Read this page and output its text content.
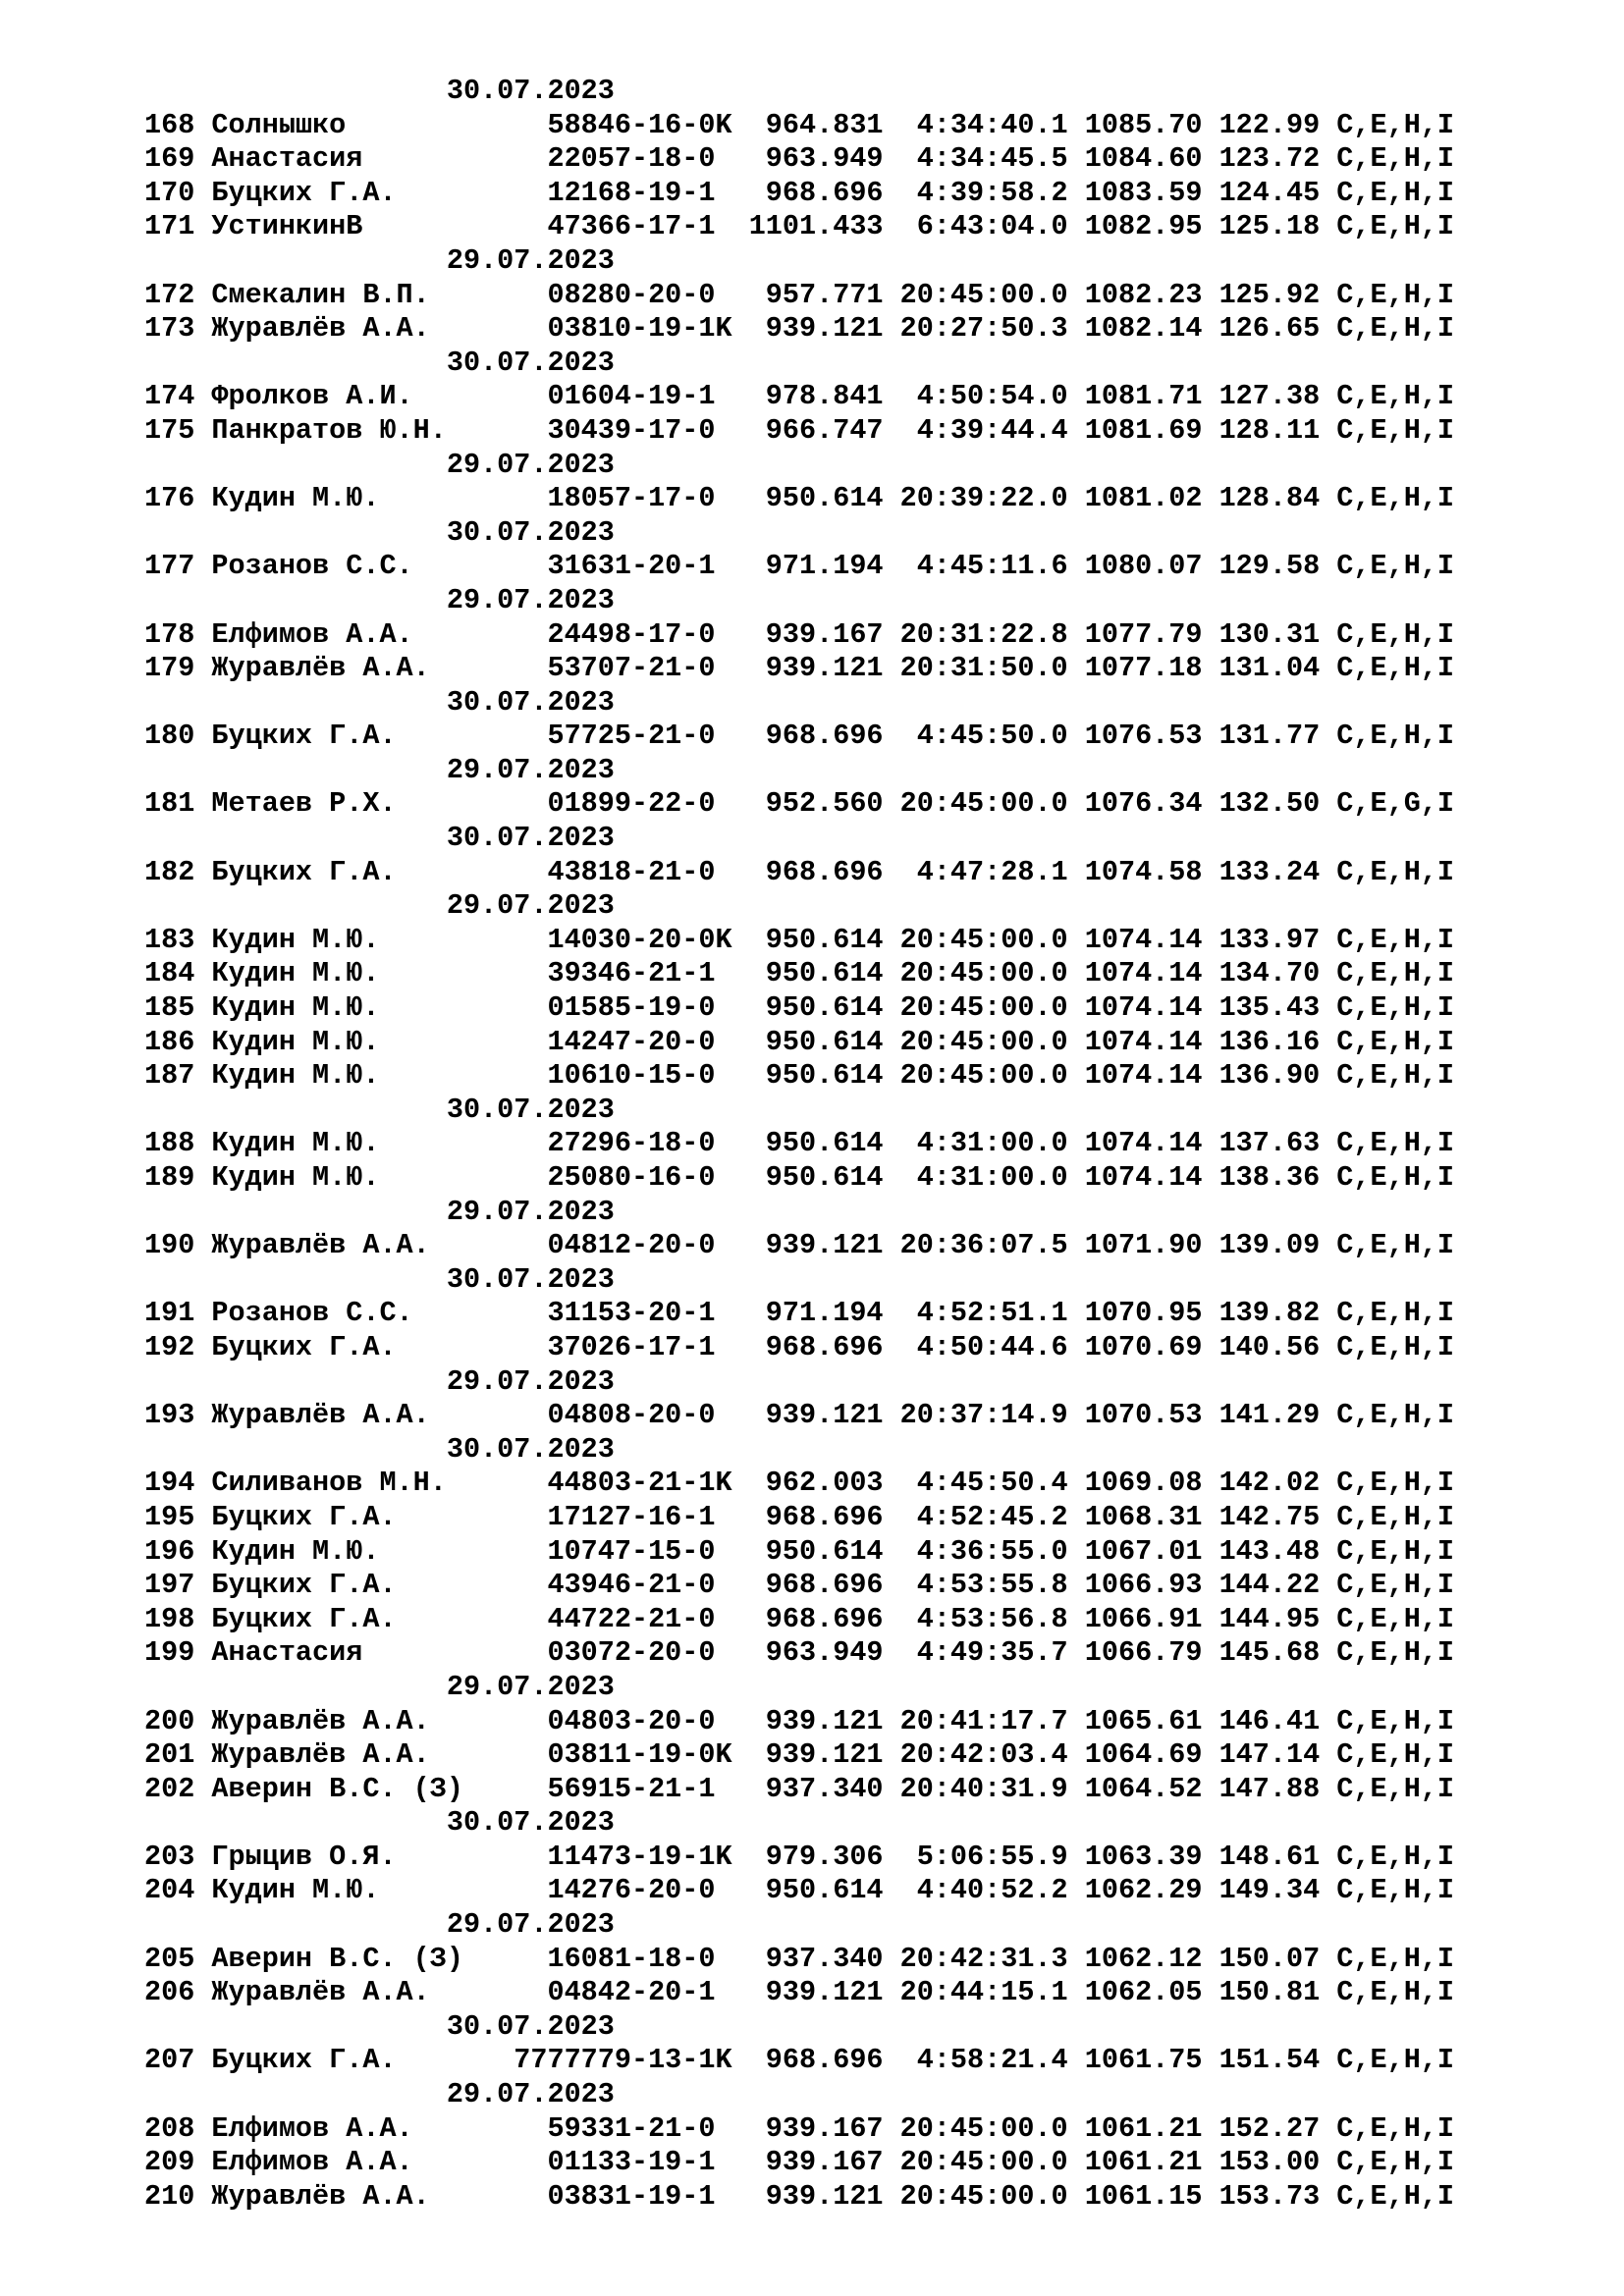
30.07.2023
168 Солнышко            58846-16-0K  964.831  4:34:40.1 1085.70 122.99 C,E,H,I
169 Анастасия           22057-18-0   963.949  4:34:45.5 1084.60 123.72 C,E,H,I
170 Буцких Г.А.         12168-19-1   968.696  4:39:58.2 1083.59 124.45 C,E,H,I
171 УстинкинВ           47366-17-1  1101.433  6:43:04.0 1082.95 125.18 C,E,H,I
29.07.2023
172 Смекалин В.П.       08280-20-0   957.771 20:45:00.0 1082.23 125.92 C,E,H,I
173 Журавлёв А.А.       03810-19-1K  939.121 20:27:50.3 1082.14 126.65 C,E,H,I
30.07.2023
174 Фролков А.И.        01604-19-1   978.841  4:50:54.0 1081.71 127.38 C,E,H,I
175 Панкратов Ю.Н.      30439-17-0   966.747  4:39:44.4 1081.69 128.11 C,E,H,I
29.07.2023
176 Кудин М.Ю.          18057-17-0   950.614 20:39:22.0 1081.02 128.84 C,E,H,I
30.07.2023
177 Розанов С.С.        31631-20-1   971.194  4:45:11.6 1080.07 129.58 C,E,H,I
29.07.2023
178 Елфимов А.А.        24498-17-0   939.167 20:31:22.8 1077.79 130.31 C,E,H,I
179 Журавлёв А.А.       53707-21-0   939.121 20:31:50.0 1077.18 131.04 C,E,H,I
30.07.2023
180 Буцких Г.А.         57725-21-0   968.696  4:45:50.0 1076.53 131.77 C,E,H,I
29.07.2023
181 Метаев Р.Х.         01899-22-0   952.560 20:45:00.0 1076.34 132.50 C,E,G,I
30.07.2023
182 Буцких Г.А.         43818-21-0   968.696  4:47:28.1 1074.58 133.24 C,E,H,I
29.07.2023
183 Кудин М.Ю.          14030-20-0K  950.614 20:45:00.0 1074.14 133.97 C,E,H,I
184 Кудин М.Ю.          39346-21-1   950.614 20:45:00.0 1074.14 134.70 C,E,H,I
185 Кудин М.Ю.          01585-19-0   950.614 20:45:00.0 1074.14 135.43 C,E,H,I
186 Кудин М.Ю.          14247-20-0   950.614 20:45:00.0 1074.14 136.16 C,E,H,I
187 Кудин М.Ю.          10610-15-0   950.614 20:45:00.0 1074.14 136.90 C,E,H,I
30.07.2023
188 Кудин М.Ю.          27296-18-0   950.614  4:31:00.0 1074.14 137.63 C,E,H,I
189 Кудин М.Ю.          25080-16-0   950.614  4:31:00.0 1074.14 138.36 C,E,H,I
29.07.2023
190 Журавлёв А.А.       04812-20-0   939.121 20:36:07.5 1071.90 139.09 C,E,H,I
30.07.2023
191 Розанов С.С.        31153-20-1   971.194  4:52:51.1 1070.95 139.82 C,E,H,I
192 Буцких Г.А.         37026-17-1   968.696  4:50:44.6 1070.69 140.56 C,E,H,I
29.07.2023
193 Журавлёв А.А.       04808-20-0   939.121 20:37:14.9 1070.53 141.29 C,E,H,I
30.07.2023
194 Силиванов М.Н.      44803-21-1K  962.003  4:45:50.4 1069.08 142.02 C,E,H,I
195 Буцких Г.А.         17127-16-1   968.696  4:52:45.2 1068.31 142.75 C,E,H,I
196 Кудин М.Ю.          10747-15-0   950.614  4:36:55.0 1067.01 143.48 C,E,H,I
197 Буцких Г.А.         43946-21-0   968.696  4:53:55.8 1066.93 144.22 C,E,H,I
198 Буцких Г.А.         44722-21-0   968.696  4:53:56.8 1066.91 144.95 C,E,H,I
199 Анастасия           03072-20-0   963.949  4:49:35.7 1066.79 145.68 C,E,H,I
29.07.2023
200 Журавлёв А.А.       04803-20-0   939.121 20:41:17.7 1065.61 146.41 C,E,H,I
201 Журавлёв А.А.       03811-19-0K  939.121 20:42:03.4 1064.69 147.14 C,E,H,I
202 Аверин В.С. (З)     56915-21-1   937.340 20:40:31.9 1064.52 147.88 C,E,H,I
30.07.2023
203 Грыцив О.Я.         11473-19-1K  979.306  5:06:55.9 1063.39 148.61 C,E,H,I
204 Кудин М.Ю.          14276-20-0   950.614  4:40:52.2 1062.29 149.34 C,E,H,I
29.07.2023
205 Аверин В.С. (З)     16081-18-0   937.340 20:42:31.3 1062.12 150.07 C,E,H,I
206 Журавлёв А.А.       04842-20-1   939.121 20:44:15.1 1062.05 150.81 C,E,H,I
30.07.2023
207 Буцких Г.А.       7777779-13-1K  968.696  4:58:21.4 1061.75 151.54 C,E,H,I
29.07.2023
208 Елфимов А.А.        59331-21-0   939.167 20:45:00.0 1061.21 152.27 C,E,H,I
209 Елфимов А.А.        01133-19-1   939.167 20:45:00.0 1061.21 153.00 C,E,H,I
210 Журавлёв А.А.       03831-19-1   939.121 20:45:00.0 1061.15 153.73 C,E,H,I
